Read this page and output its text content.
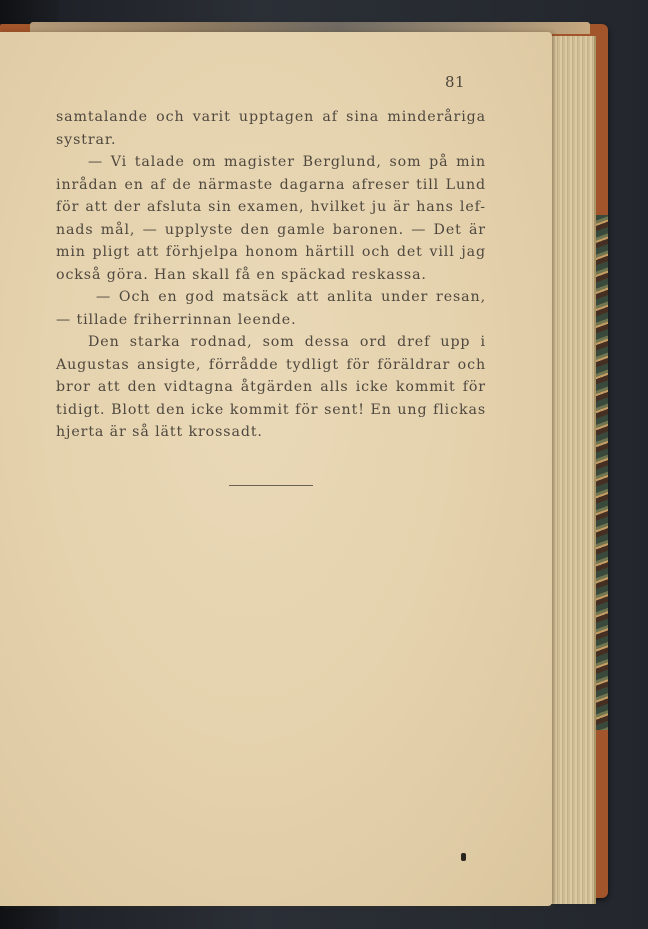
81
samtalande och varit upptagen af sina minderåriga
systrar.
— Vi talade om magister Berglund, som på min
inrådan en af de närmaste dagarna afreser till Lund
för att der afsluta sin examen, hvilket ju är hans lef-
nads mål, — upplyste den gamle baronen. — Det är
min pligt att förhjelpa honom härtill och det vill jag
också göra. Han skall få en späckad reskassa.
— Och en god matsäck att anlita under resan,
— tillade friherrinnan leende.
Den starka rodnad, som dessa ord dref upp i
Augustas ansigte, förrådde tydligt för föräldrar och
bror att den vidtagna åtgärden alls icke kommit för
tidigt. Blott den icke kommit för sent! En ung flickas
hjerta är så lätt krossadt.
